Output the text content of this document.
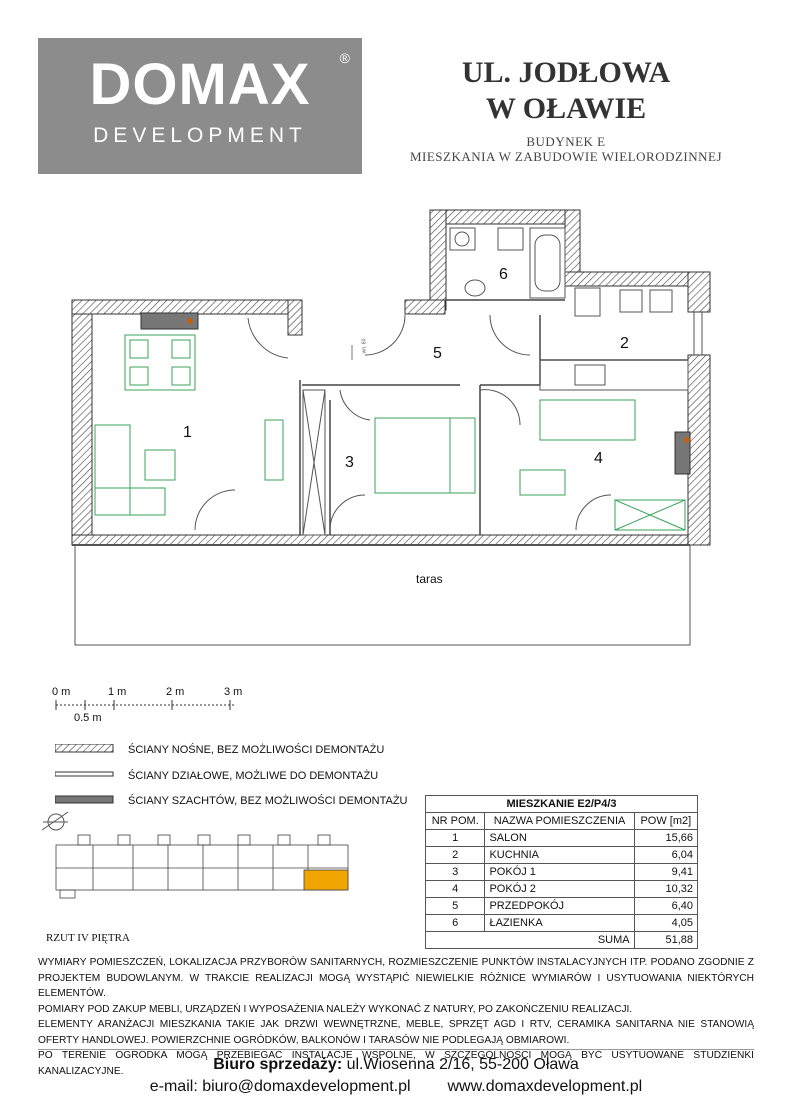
DOMAX
DEVELOPMENT
®	UL. JODŁOWA
W OŁAWIE
BUDYNEK E
MIESZKANIA W ZABUDOWIE WIELORODZINNEJ
1
2
3	4
5
6
wn. 60
taras
0 m	1 m	2 m	3 m
0.5 m
ŚCIANY NOŚNE, BEZ MOŻLIWOŚCI DEMONTAŻU
ŚCIANY DZIAŁOWE, MOŻLIWE DO DEMONTAŻU
ŚCIANY SZACHTÓW, BEZ MOŻLIWOŚCI DEMONTAŻU
RZUT IV PIĘTRA
MIESZKANIE E2/P4/3		
NR POM.	NAZWA POMIESZCZENIA	POW [m2]
1	SALON	15,66
2	KUCHNIA	6,04
3	POKÓJ 1	9,41
4	POKÓJ 2	10,32
5	PRZEDPOKÓJ	6,40
6	ŁAZIENKA	4,05
SUMA		51,88
WYMIARY POMIESZCZEŃ, LOKALIZACJA PRZYBORÓW SANITARNYCH, ROZMIESZCZENIE PUNKTÓW INSTALACYJNYCH ITP. PODANO ZGODNIE Z PROJEKTEM BUDOWLANYM. W TRAKCIE REALIZACJI MOGĄ WYSTĄPIĆ NIEWIELKIE RÓŻNICE WYMIARÓW I USYTUOWANIA NIEKTÓRYCH ELEMENTÓW.
POMIARY POD ZAKUP MEBLI, URZĄDZEŃ I WYPOSAŻENIA NALEŻY WYKONAĆ Z NATURY, PO ZAKOŃCZENIU REALIZACJI.
ELEMENTY ARANŻACJI MIESZKANIA TAKIE JAK DRZWI WEWNĘTRZNE, MEBLE, SPRZĘT AGD I RTV, CERAMIKA SANITARNA NIE STANOWIĄ OFERTY HANDLOWEJ. POWIERZCHNIE OGRÓDKÓW, BALKONÓW I TARASÓW NIE PODLEGAJĄ OBMIAROWI.
PO TERENIE OGRÓDKA MOGĄ PRZEBIEGAĆ INSTALACJE WSPÓLNE, W SZCZEGÓLNOŚCI MOGĄ BYĆ USYTUOWANE STUDZIENKI KANALIZACYJNE.	Biuro sprzedaży: ul.Wiosenna 2/16, 55-200 Oława
e-mail: biuro@domaxdevelopment.pl www.domaxdevelopment.pl
